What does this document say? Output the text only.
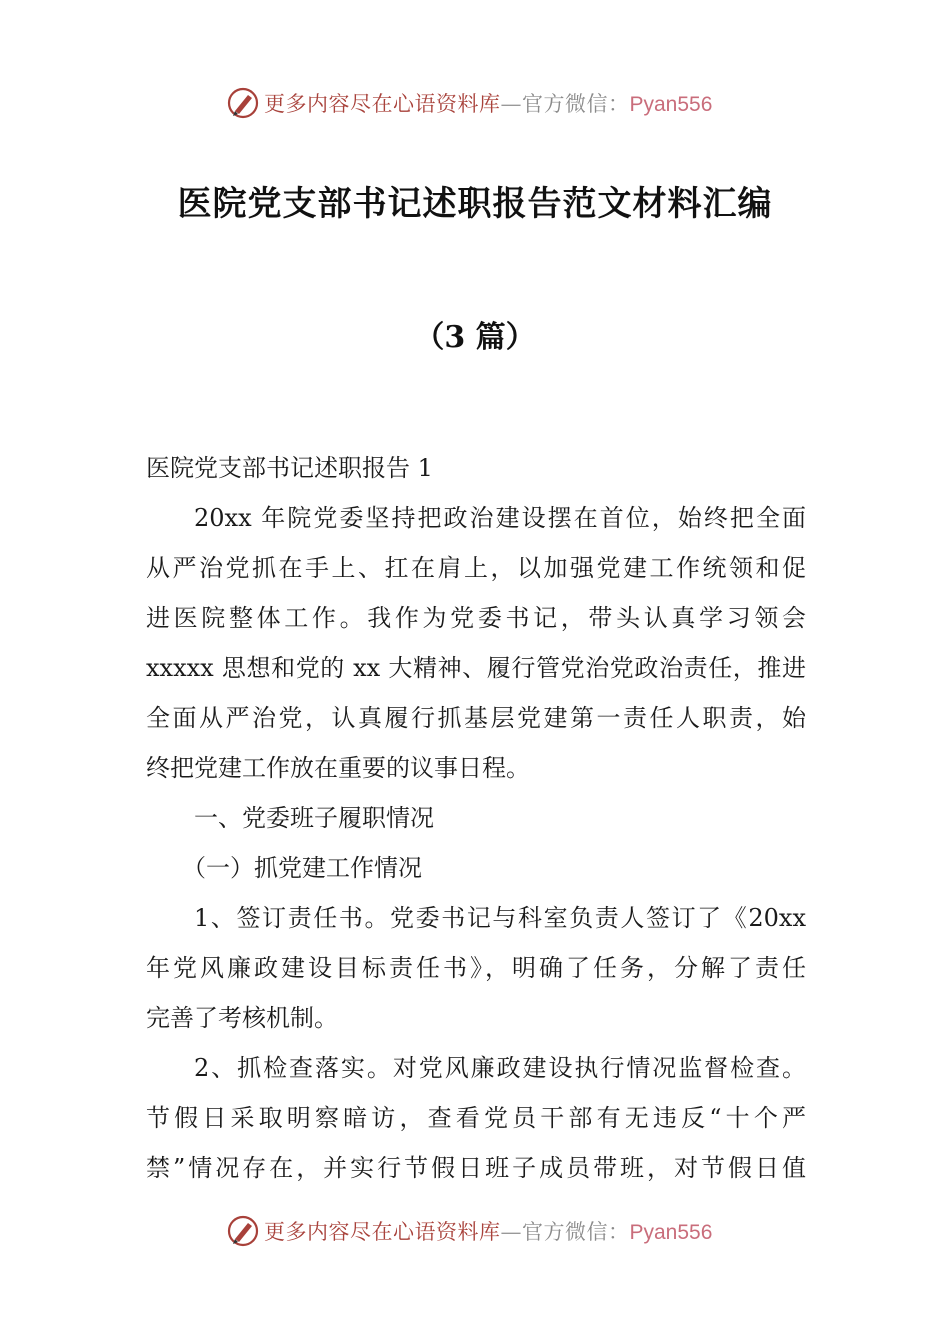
更多内容尽在心语资料库—官方微信：Pyan556
医院党支部书记述职报告范文材料汇编
（3 篇）

医院党支部书记述职报告 1

20xx 年院党委坚持把政治建设摆在首位，始终把全面
从严治党抓在手上、扛在肩上，以加强党建工作统领和促
进医院整体工作。我作为党委书记，带头认真学习领会
xxxxx 思想和党的 xx 大精神、履行管党治党政治责任，推进
全面从严治党，认真履行抓基层党建第一责任人职责，始
终把党建工作放在重要的议事日程。

一、党委班子履职情况

（一）抓党建工作情况

1、签订责任书。党委书记与科室负责人签订了《20xx
年党风廉政建设目标责任书》，明确了任务，分解了责任
完善了考核机制。

2、抓检查落实。对党风廉政建设执行情况监督检查。
节假日采取明察暗访，查看党员干部有无违反“十个严
禁”情况存在，并实行节假日班子成员带班，对节假日值

更多内容尽在心语资料库—官方微信：Pyan556
